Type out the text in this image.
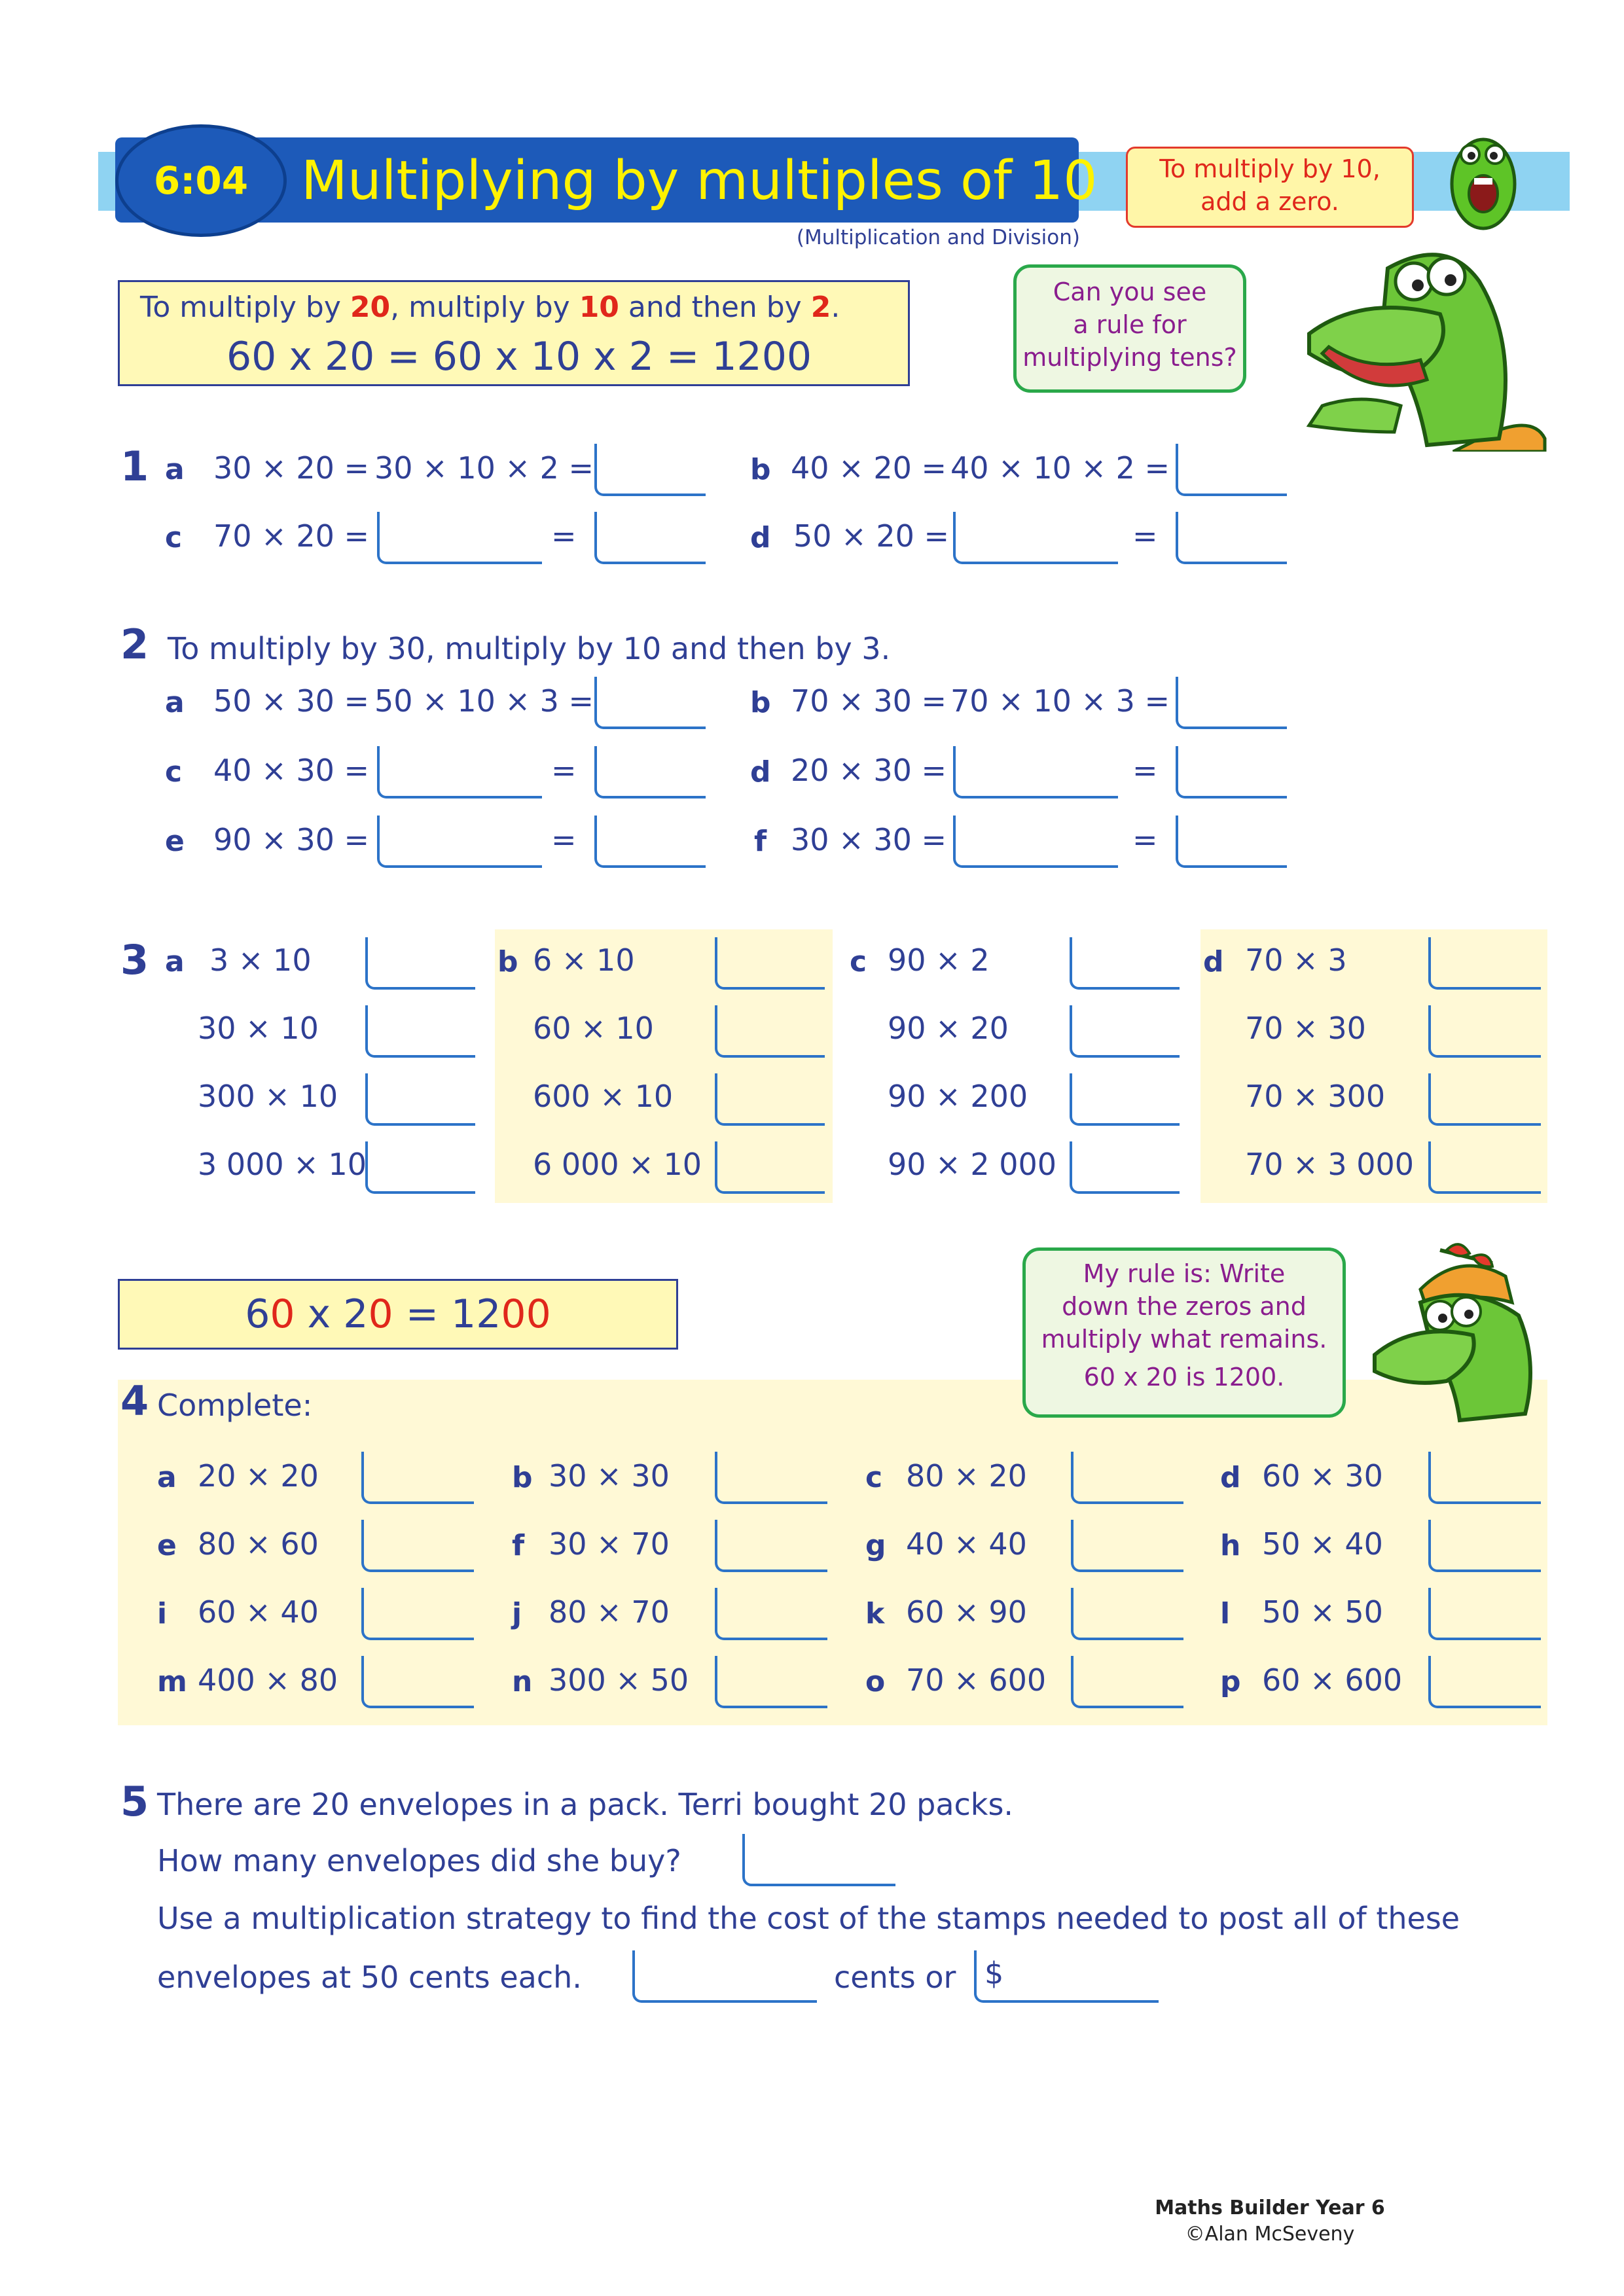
6:04 Multiplying by multiples of 10
(Multiplication and Division)
To multiply by 10,
add a zero.
Can you see
a rule for
multiplying tens?
To multiply by 20, multiply by 10 and then by 2.
60 x 20 = 60 x 10 x 2 = 1200
1 a 30 × 20 = 30 × 10 × 2 =	b 40 × 20 = 40 × 10 × 2 =
c 70 × 20 =	=	d 50 × 20 =	=
2 To multiply by 30, multiply by 10 and then by 3.
a 50 × 30 = 50 × 10 × 3 =	b 70 × 30 = 70 × 10 × 3 =
c 40 × 30 =	=	d 20 × 30 =	=
e 90 × 30 =	=	f 30 × 30 =	=
3 a 3 × 10
30 × 10
300 × 10
3 000 × 10
b 6 × 10
60 × 10
600 × 10
6 000 × 10
c 90 × 2
90 × 20
90 × 200
90 × 2 000
d 70 × 3
70 × 30
70 × 300
70 × 3 000
60 x 20 = 1200
My rule is: Write
down the zeros and
multiply what remains.
60 x 20 is 1200.
4 Complete:
a 20 × 20	b 30 × 30	c 80 × 20	d 60 × 30
e 80 × 60	f 30 × 70	g 40 × 40	h 50 × 40
i 60 × 40	j 80 × 70	k 60 × 90	l 50 × 50
m 400 × 80	n 300 × 50	o 70 × 600	p 60 × 600
5 There are 20 envelopes in a pack. Terri bought 20 packs.
How many envelopes did she buy?
Use a multiplication strategy to find the cost of the stamps needed to post all of these
envelopes at 50 cents each.	cents or $
Maths Builder Year 6
©Alan McSeveny
